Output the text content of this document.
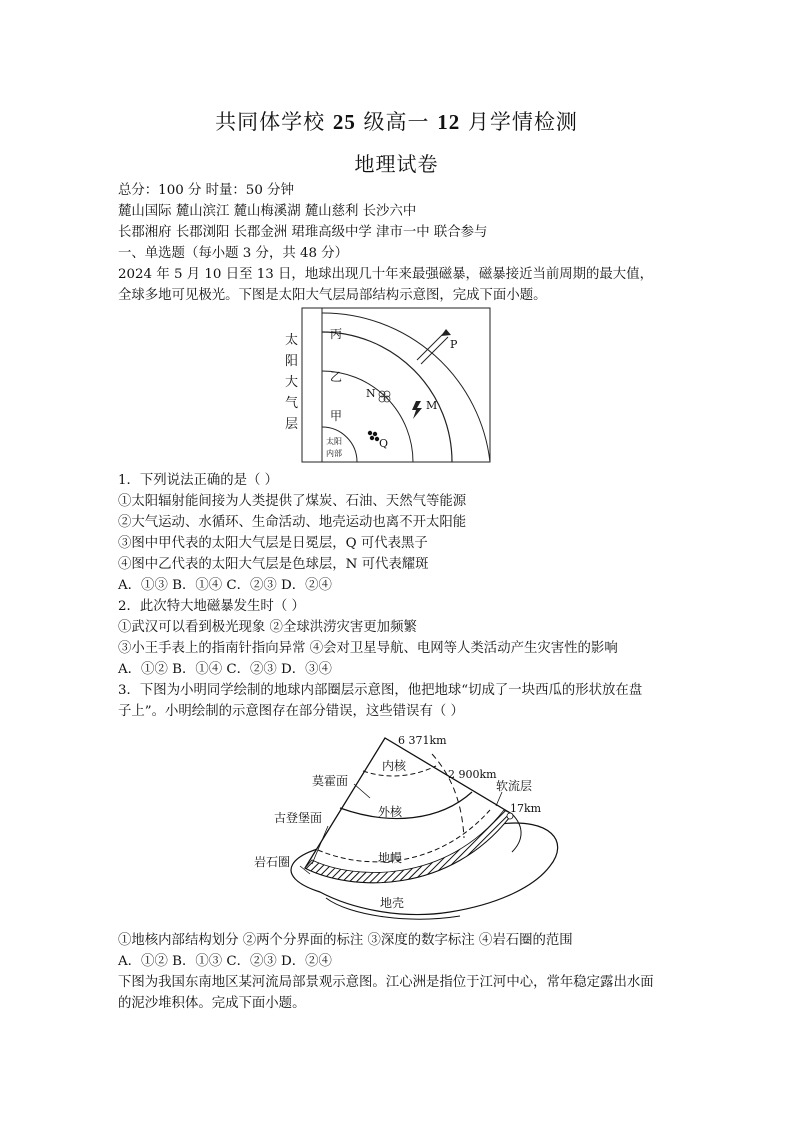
共同体学校 25 级高一 12 月学情检测
地理试卷
总分：100 分 时量：50 分钟
麓山国际 麓山滨江 麓山梅溪湖 麓山慈利 长沙六中
长郡湘府 长郡浏阳 长郡金洲 珺琟高级中学 津市一中 联合参与
一、单选题（每小题 3 分，共 48 分）
2024 年 5 月 10 日至 13 日，地球出现几十年来最强磁暴，磁暴接近当前周期的最大值，
全球多地可见极光。下图是太阳大气层局部结构示意图，完成下面小题。
丙
乙
甲
太阳
内部
N
M
Q
P
太
阳
大
气
层
1．下列说法正确的是（ ）
①太阳辐射能间接为人类提供了煤炭、石油、天然气等能源
②大气运动、水循环、生命活动、地壳运动也离不开太阳能
③图中甲代表的太阳大气层是日冕层，Q 可代表黑子
④图中乙代表的太阳大气层是色球层，N 可代表耀斑
A．①③ B．①④ C．②③ D．②④
2．此次特大地磁暴发生时（ ）
①武汉可以看到极光现象 ②全球洪涝灾害更加频繁
③小王手表上的指南针指向异常 ④会对卫星导航、电网等人类活动产生灾害性的影响
A．①② B．①④ C．②③ D．③④
3．下图为小明同学绘制的地球内部圈层示意图，他把地球“切成了一块西瓜的形状放在盘
子上”。小明绘制的示意图存在部分错误，这些错误有（ ）
6 371km
2 900km
软流层
17km
莫霍面
古登堡面
岩石圈
内核
外核
地幔
地壳
①地核内部结构划分 ②两个分界面的标注 ③深度的数字标注 ④岩石圈的范围
A．①② B．①③ C．②③ D．②④
下图为我国东南地区某河流局部景观示意图。江心洲是指位于江河中心，常年稳定露出水面
的泥沙堆积体。完成下面小题。
